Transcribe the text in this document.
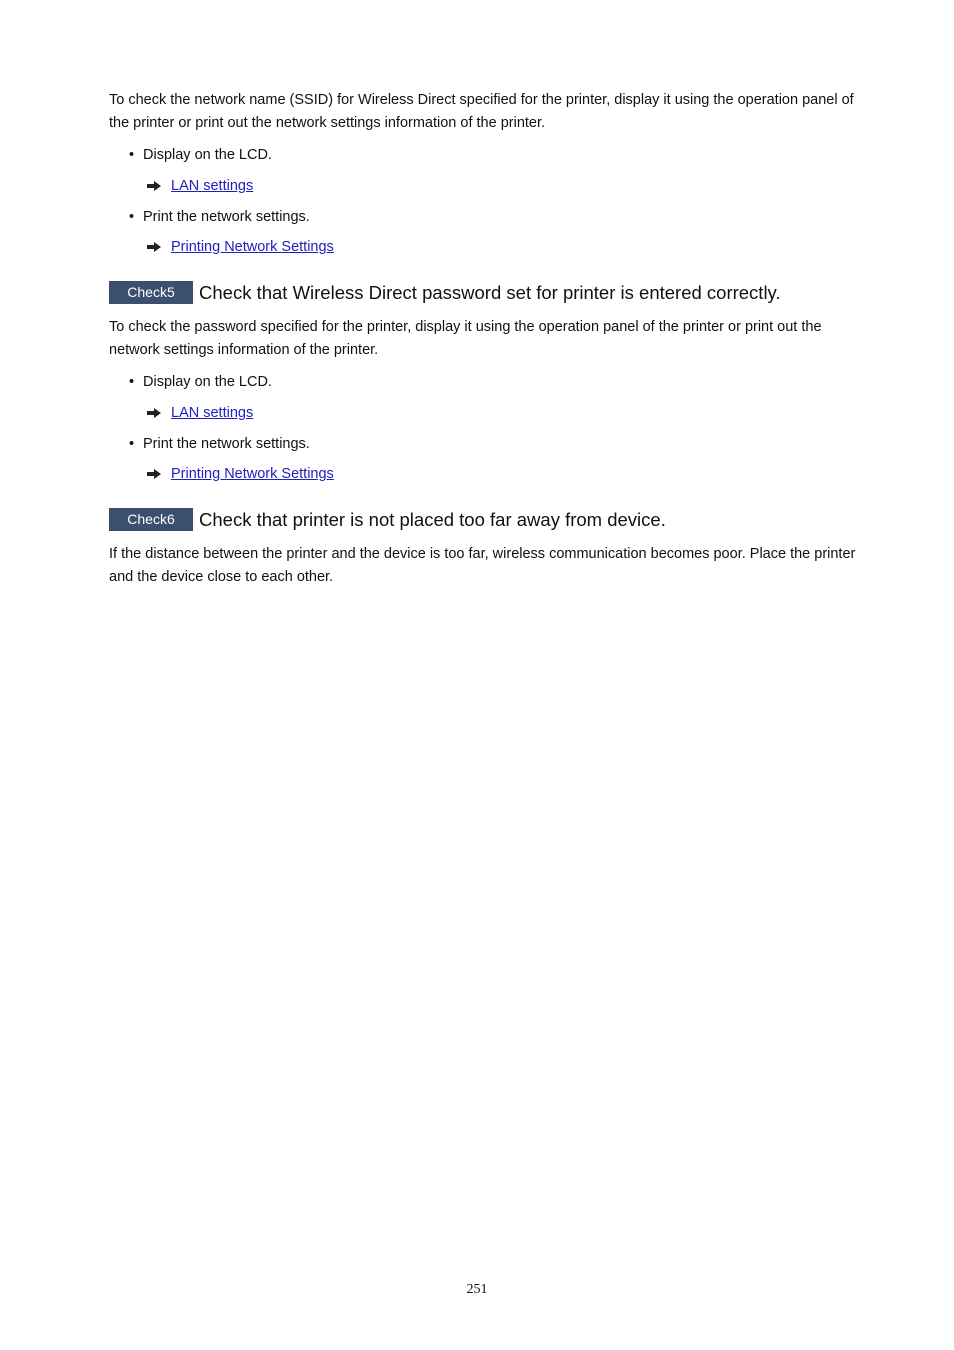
To check the network name (SSID) for Wireless Direct specified for the printer, display it using the operation panel of the printer or print out the network settings information of the printer.

• Display on the LCD.
LAN settings
• Print the network settings.
Printing Network Settings
Check5	Check that Wireless Direct password set for printer is entered correctly.

To check the password specified for the printer, display it using the operation panel of the printer or print out the network settings information of the printer.

• Display on the LCD.
LAN settings
• Print the network settings.
Printing Network Settings
Check6	Check that printer is not placed too far away from device.

If the distance between the printer and the device is too far, wireless communication becomes poor. Place the printer and the device close to each other.

251
